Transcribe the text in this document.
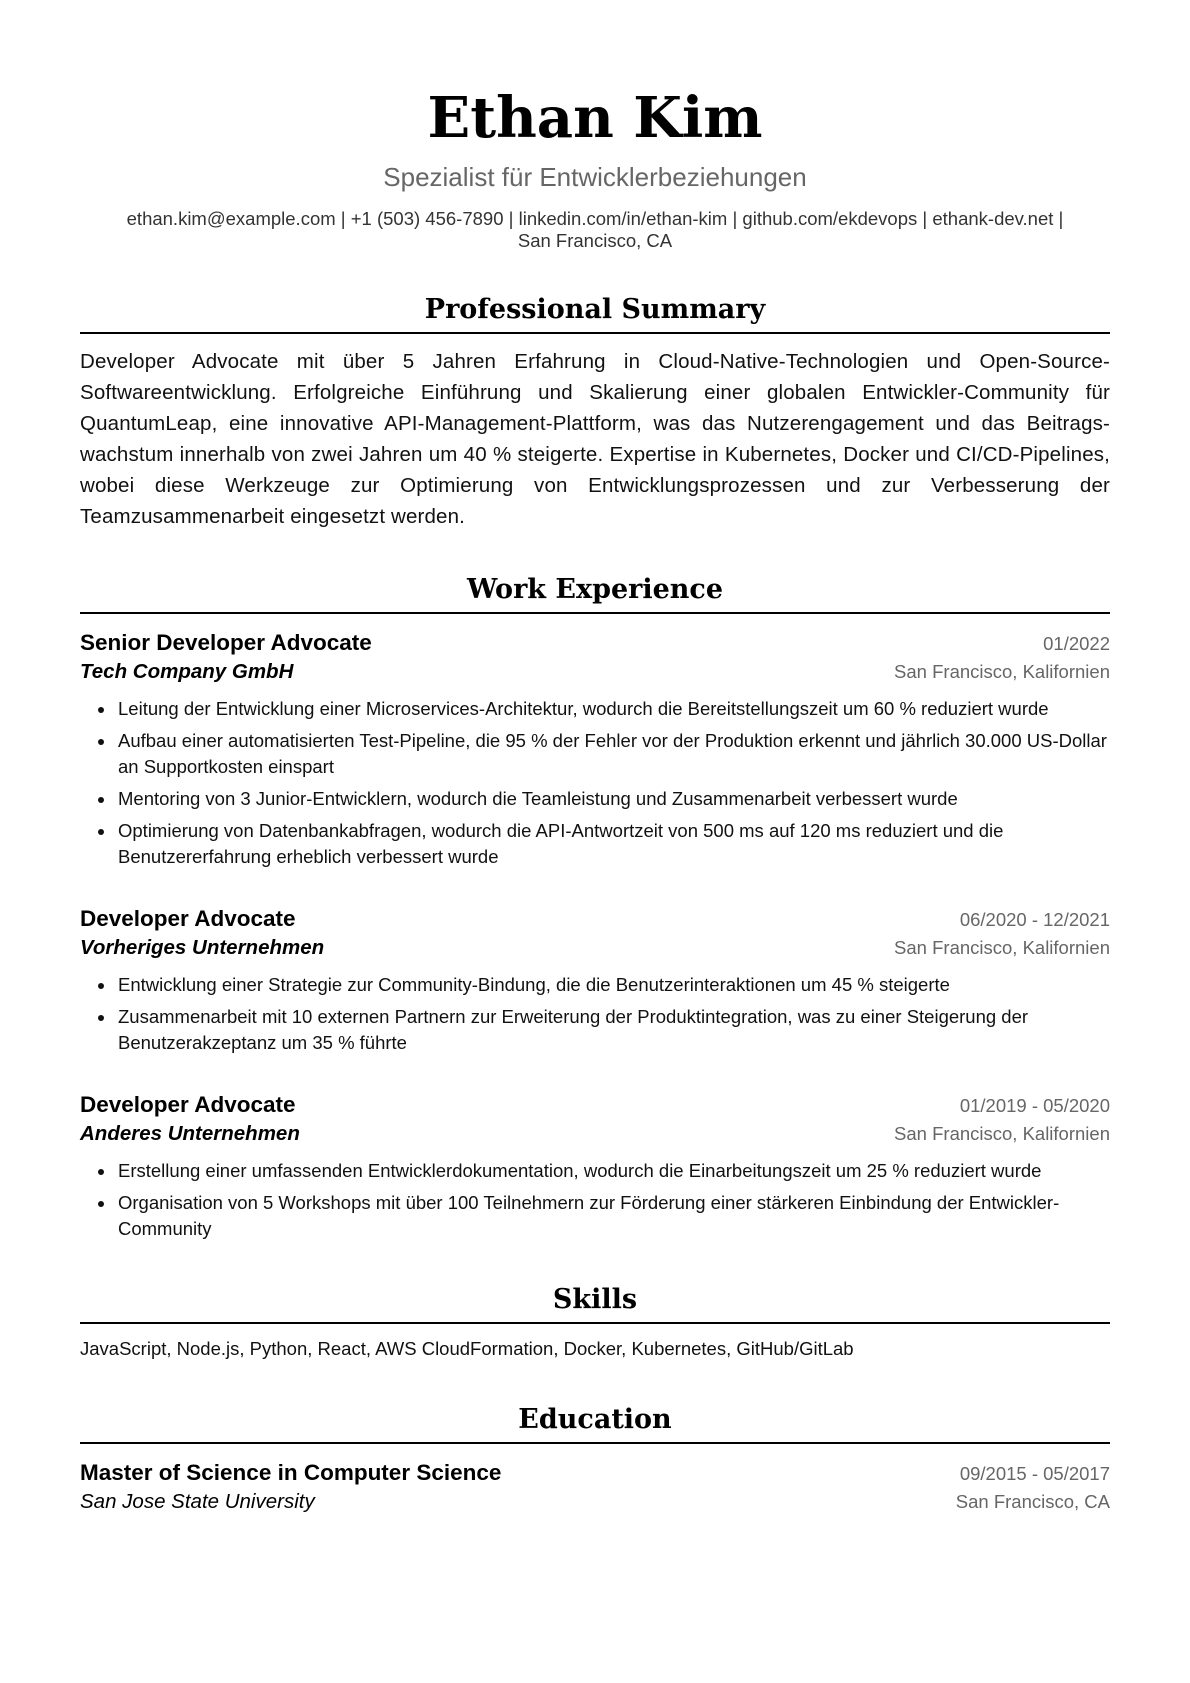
Ethan Kim
Spezialist für Entwicklerbeziehungen
ethan.kim@example.com | +1 (503) 456-7890 | linkedin.com/in/ethan-kim | github.com/ekdevops | ethank-dev.net |
San Francisco, CA
Professional Summary
Developer Advocate mit über 5 Jahren Erfahrung in Cloud-Native-Technologien und Open-Source-Softwareentwicklung. Erfolgreiche Einführung und Skalierung einer globalen Entwickler-Community für QuantumLeap, eine innovative API-Management-Plattform, was das Nutzerengagement und das Beitrags-wachstum innerhalb von zwei Jahren um 40 % steigerte. Expertise in Kubernetes, Docker und CI/CD-Pipelines, wobei diese Werkzeuge zur Optimierung von Entwicklungsprozessen und zur Verbesserung der Teamzusammenarbeit eingesetzt werden.
Work Experience
Senior Developer Advocate	01/2022
Tech Company GmbH	San Francisco, Kalifornien
• Leitung der Entwicklung einer Microservices-Architektur, wodurch die Bereitstellungszeit um 60 % reduziert wurde
• Aufbau einer automatisierten Test-Pipeline, die 95 % der Fehler vor der Produktion erkennt und jährlich 30.000 US-Dollar an Supportkosten einspart
• Mentoring von 3 Junior-Entwicklern, wodurch die Teamleistung und Zusammenarbeit verbessert wurde
• Optimierung von Datenbankabfragen, wodurch die API-Antwortzeit von 500 ms auf 120 ms reduziert und die Benutzererfahrung erheblich verbessert wurde
Developer Advocate	06/2020 - 12/2021
Vorheriges Unternehmen	San Francisco, Kalifornien
• Entwicklung einer Strategie zur Community-Bindung, die die Benutzerinteraktionen um 45 % steigerte
• Zusammenarbeit mit 10 externen Partnern zur Erweiterung der Produktintegration, was zu einer Steigerung der Benutzerakzeptanz um 35 % führte
Developer Advocate	01/2019 - 05/2020
Anderes Unternehmen	San Francisco, Kalifornien
• Erstellung einer umfassenden Entwicklerdokumentation, wodurch die Einarbeitungszeit um 25 % reduziert wurde
• Organisation von 5 Workshops mit über 100 Teilnehmern zur Förderung einer stärkeren Einbindung der Entwickler-Community
Skills
JavaScript, Node.js, Python, React, AWS CloudFormation, Docker, Kubernetes, GitHub/GitLab
Education
Master of Science in Computer Science	09/2015 - 05/2017
San Jose State University	San Francisco, CA
